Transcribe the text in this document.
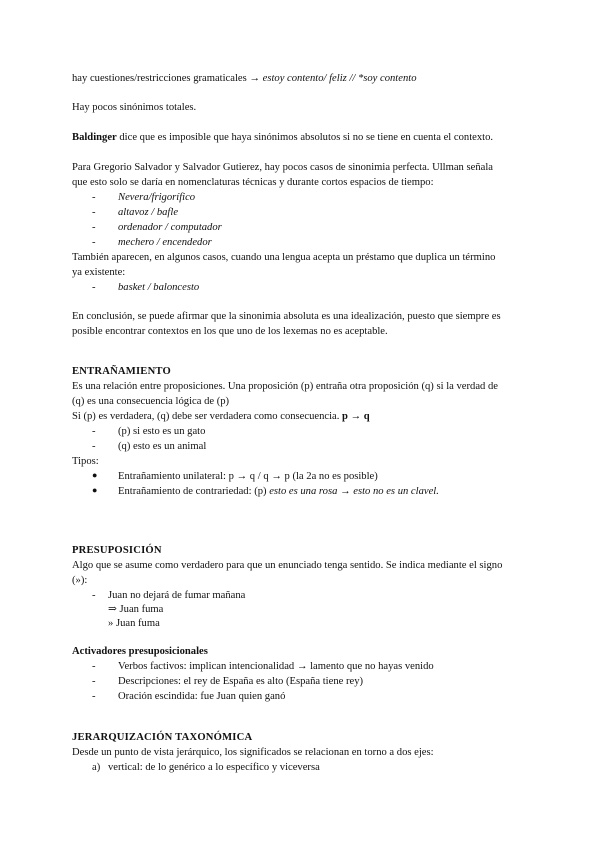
hay cuestiones/restricciones gramaticales → estoy contento/ feliz // *soy contento
Hay pocos sinónimos totales.
Baldinger dice que es imposible que haya sinónimos absolutos si no se tiene en cuenta el contexto.
Para Gregorio Salvador y Salvador Gutierez, hay pocos casos de sinonimia perfecta. Ullman señala
que esto solo se daría en nomenclaturas técnicas y durante cortos espacios de tiempo:
- Nevera/frigorífico
- altavoz / bafle
- ordenador / computador
- mechero / encendedor
También aparecen, en algunos casos, cuando una lengua acepta un préstamo que duplica un término
ya existente:
- basket / baloncesto
En conclusión, se puede afirmar que la sinonimia absoluta es una idealización, puesto que siempre es
posible encontrar contextos en los que uno de los lexemas no es aceptable.
ENTRAÑAMIENTO
Es una relación entre proposiciones. Una proposición (p) entraña otra proposición (q) si la verdad de
(q) es una consecuencia lógica de (p)
Si (p) es verdadera, (q) debe ser verdadera como consecuencia. p → q
- (p) si esto es un gato
- (q) esto es un animal
Tipos:
● Entrañamiento unilateral: p → q / q → p (la 2a no es posible)
● Entrañamiento de contrariedad: (p) esto es una rosa → esto no es un clavel.
PRESUPOSICIÓN
Algo que se asume como verdadero para que un enunciado tenga sentido. Se indica mediante el signo
(»):
- Juan no dejará de fumar mañana
⇒ Juan fuma
» Juan fuma
Activadores presuposicionales
- Verbos factivos: implican intencionalidad → lamento que no hayas venido
- Descripciones: el rey de España es alto (España tiene rey)
- Oración escindida: fue Juan quien ganó
JERARQUIZACIÓN TAXONÓMICA
Desde un punto de vista jerárquico, los significados se relacionan en torno a dos ejes:
a) vertical: de lo genérico a lo específico y viceversa
